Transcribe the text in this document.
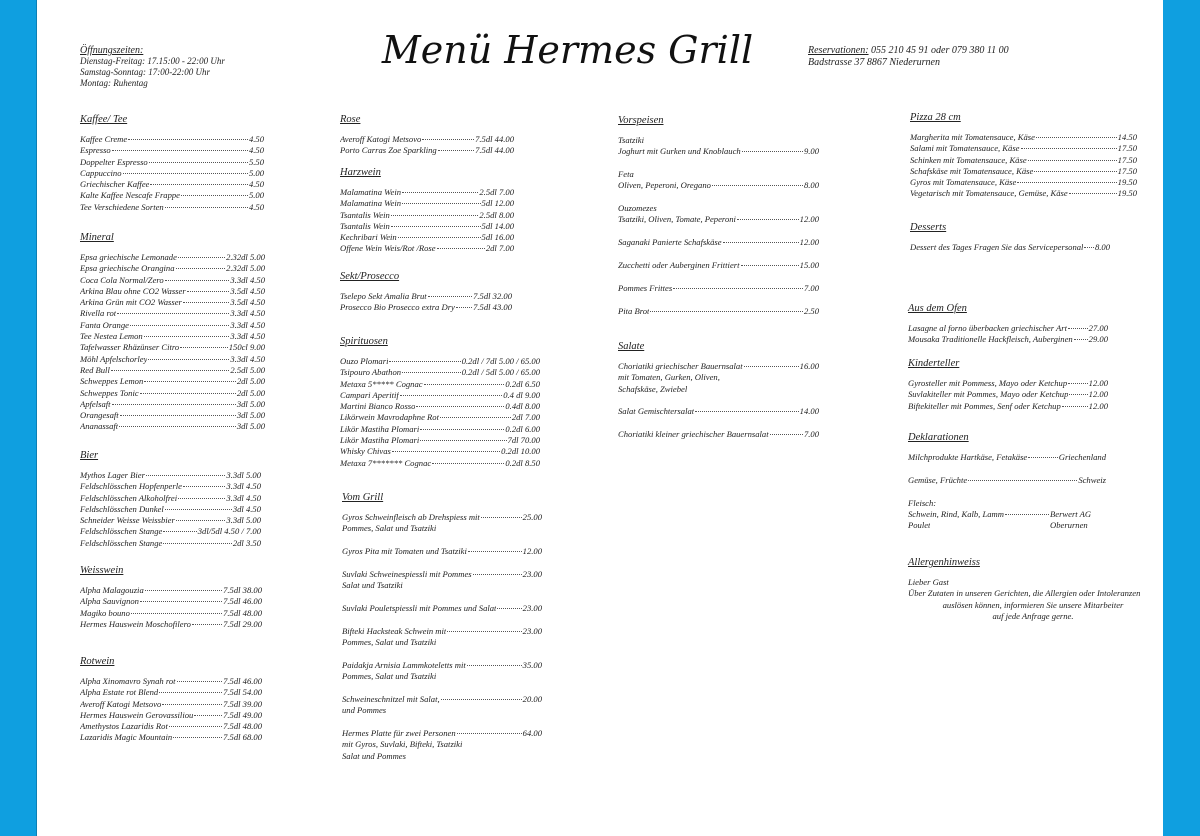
Menü Hermes Grill
Öffnungszeiten:
Dienstag-Freitag: 17.15:00 - 22:00 Uhr
Samstag-Sonntag: 17:00-22:00 Uhr
Montag: Ruhentag
Reservationen: 055 210 45 91 oder 079 380 11 00
Badstrasse 37 8867 Niederurnen
Kaffee/ Tee
Kaffee Creme	4.50
Espresso	4.50
Doppelter Espresso	5.50
Cappuccino	5.00
Griechischer Kaffee	4.50
Kalte Kaffee Nescafe Frappe	5.00
Tee Verschiedene Sorten	4.50
Mineral
Epsa griechische Lemonade	2.32dl 5.00
Epsa griechische Orangina	2.32dl 5.00
Coca Cola Normal/Zero	3.3dl 4.50
Arkina Blau ohne CO2 Wasser	3.5dl 4.50
Arkina Grün mit CO2 Wasser	3.5dl 4.50
Rivella rot	3.3dl 4.50
Fanta Orange	3.3dl 4.50
Tee Nestea Lemon	3.3dl 4.50
Tafelwasser Rhäzünser Citro	150cl 9.00
Möhl Apfelschorley	3.3dl 4.50
Red Bull	2.5dl 5.00
Schweppes Lemon	2dl 5.00
Schweppes Tonic	2dl 5.00
Apfelsaft	3dl 5.00
Orangesaft	3dl 5.00
Ananassaft	3dl 5.00
Bier
Mythos Lager Bier	3.3dl 5.00
Feldschlösschen Hopfenperle	3.3dl 4.50
Feldschlösschen Alkoholfrei	3.3dl 4.50
Feldschlösschen Dunkel	3dl 4.50
Schneider Weisse Weissbier	3.3dl 5.00
Feldschlösschen Stange	3dl/5dl 4.50 / 7.00
Feldschlösschen Stange	2dl 3.50
Weisswein
Alpha Malagouzia	7.5dl 38.00
Alpha Sauvignon	7.5dl 46.00
Magiko bouno	7.5dl 48.00
Hermes Hauswein Moschofilero	7.5dl 29.00
Rotwein
Alpha Xinomavro Synah rot	7.5dl 46.00
Alpha Estate rot Blend	7.5dl 54.00
Averoff Katogi Metsovo	7.5dl 39.00
Hermes Hauswein Gerovassiliou	7.5dl 49.00
Amethystos Lazaridis Rot	7.5dl 48.00
Lazaridis Magic Mountain	7.5dl 68.00
Rose
Averoff Katogi Metsovo	7.5dl 44.00
Porto Carras Zoe Sparkling	7.5dl 44.00
Harzwein
Malamatina Wein	2.5dl 7.00
Malamatina Wein	5dl 12.00
Tsantalis Wein	2.5dl 8.00
Tsantalis Wein	5dl 14.00
Kechribari Wein	5dl 16.00
Offene Wein Weis/Rot /Rose	2dl 7.00
Sekt/Prosecco
Tselepo Sekt Amalia Brut	7.5dl 32.00
Prosecco Bio Prosecco extra Dry 7.5dl 43.00
Spirituosen
Ouzo Plomari	0.2dl / 7dl 5.00 / 65.00
Tsipouro Abathon	0.2dl / 5dl 5.00 / 65.00
Metaxa 5***** Cognac	0.2dl 6.50
Campari Aperitif	0.4 dl 9.00
Martini Bianco Rosso	0.4dl 8.00
Likörwein Mavrodaphne Rot	2dl 7.00
Likör Mastiha Plomari	0.2dl 6.00
Likör Mastiha Plomari	7dl 70.00
Whisky Chivas	0.2dl 10.00
Metaxa 7******* Cognac	0.2dl 8.50
Vom Grill
Gyros Schweinfleisch ab Drehspiess mit	25.00
Pommes, Salat und Tsatziki
Gyros Pita mit Tomaten und Tsatziki	12.00
Suvlaki Schweinespiessli mit Pommes	23.00
Salat und Tsatziki
Suvlaki Pouletspiessli mit Pommes und Salat	23.00
Bifteki Hacksteak Schwein mit	23.00
Pommes, Salat und Tsatziki
Paidakja Arnisia Lammkoteletts mit	35.00
Pommes, Salat und Tsatziki
Schweineschnitzel mit Salat,	20.00
und Pommes
Hermes Platte für zwei Personen	64.00
mit Gyros, Suvlaki, Bifteki, Tsatziki
Salat und Pommes
Vorspeisen
Tsatziki
Joghurt mit Gurken und Knoblauch	9.00
Feta
Oliven, Peperoni, Oregano	8.00
Ouzomezes
Tsatziki, Oliven, Tomate, Peperoni	12.00
Saganaki Panierte Schafskäse	12.00
Zucchetti oder Auberginen Frittiert	15.00
Pommes Frittes	7.00
Pita Brot	2.50
Salate
Choriatiki griechischer Bauernsalat	16.00
mit Tomaten, Gurken, Oliven,
Schafskäse, Zwiebel
Salat Gemischtersalat	14.00
Choriatiki kleiner griechischer Bauernsalat	7.00
Pizza 28 cm
Margherita mit Tomatensauce, Käse	14.50
Salami mit Tomatensauce, Käse	17.50
Schinken mit Tomatensauce, Käse	17.50
Schafskäse mit Tomatensauce, Käse	17.50
Gyros mit Tomatensauce, Käse	19.50
Vegetarisch mit Tomatensauce, Gemüse, Käse	19.50
Desserts
Dessert des Tages Fragen Sie das Servicepersonal 8.00
Aus dem Ofen
Lasagne al forno überbacken griechischer Art	27.00
Mousaka Traditionelle Hackfleisch, Auberginen 29.00
Kinderteller
Gyrosteller mit Pommess, Mayo oder Ketchup	12.00
Suvlakiteller mit Pommes, Mayo oder Ketchup 12.00
Biftekiteller mit Pommes, Senf oder Ketchup	12.00
Deklarationen
Milchprodukte Hartkäse, Fetakäse	Griechenland
Gemüse, Früchte	Schweiz
Fleisch:
Schwein, Rind, Kalb, Lamm	Berwert AG
Poulet	Oberurnen
Allergenhinweiss
Lieber Gast
Über Zutaten in unseren Gerichten, die Allergien oder Intoleranzen
auslösen können, informieren Sie unsere Mitarbeiter
auf jede Anfrage gerne.
